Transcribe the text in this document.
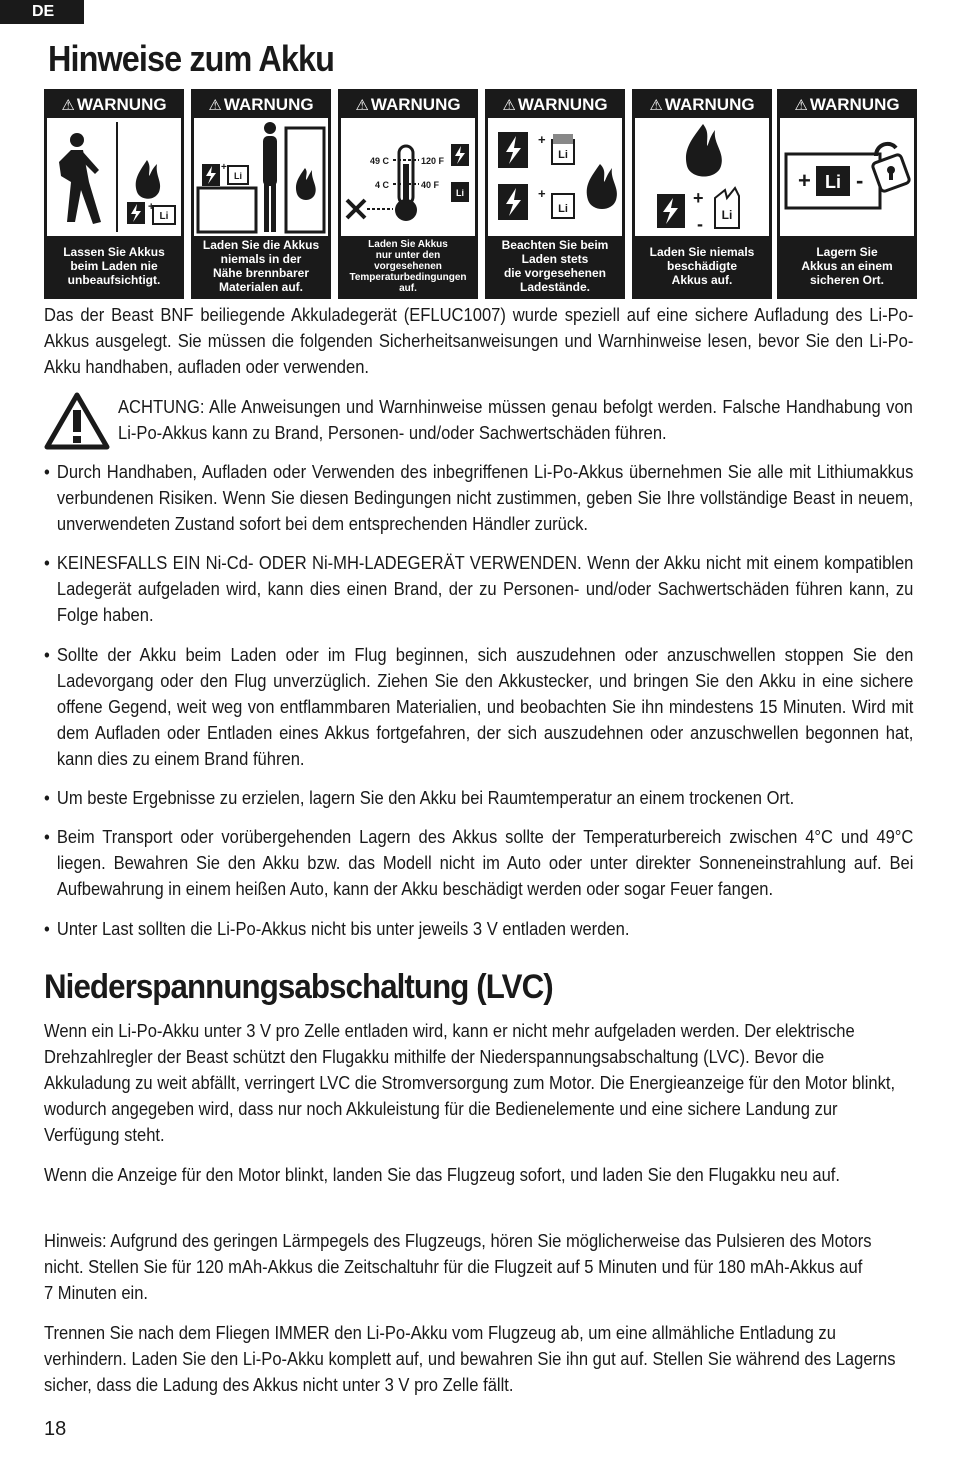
DE
Hinweise zum Akku
⚠ WARNUNG
Li
+
Lassen Sie Akkus
beim Laden nie
unbeaufsichtigt.
⚠ WARNUNG
Li
+
Laden Sie die Akkus
niemals in der
Nähe brennbarer
Materialen auf.
⚠ WARNUNG
49 C	120 F
4 C	40 F
Li
Laden Sie Akkus
nur unter den
vorgesehenen
Temperaturbedingungen
auf.
⚠ WARNUNG
Li
+
Li
+
Beachten Sie beim
Laden stets
die vorgesehenen
Ladestände.
⚠ WARNUNG
+
- Li
Laden Sie niemals
beschädigte
Akkus auf.
⚠ WARNUNG
+ Li -
Lagern Sie
Akkus an einem
sicheren Ort.

Das der Beast BNF beiliegende Akkuladegerät (EFLUC1007) wurde speziell auf eine sichere Aufladung des Li-Po-Akkus ausgelegt. Sie müssen die folgenden Sicherheitsanweisungen und Warnhinweise lesen, bevor Sie den Li-Po-Akku handhaben, aufladen oder verwenden.

ACHTUNG: Alle Anweisungen und Warnhinweise müssen genau befolgt werden. Falsche Handhabung von Li-Po-Akkus kann zu Brand, Personen- und/oder Sachwertschäden führen.

• Durch Handhaben, Aufladen oder Verwenden des inbegriffenen Li-Po-Akkus übernehmen Sie alle mit Lithiumakkus verbundenen Risiken. Wenn Sie diesen Bedingungen nicht zustimmen, geben Sie Ihre vollständige Beast in neuem, unverwendeten Zustand sofort bei dem entsprechenden Händler zurück.
• KEINESFALLS EIN Ni-Cd- ODER Ni-MH-LADEGERÄT VERWENDEN. Wenn der Akku nicht mit einem kompatiblen Ladegerät aufgeladen wird, kann dies einen Brand, der zu Personen- und/oder Sachwertschäden führen kann, zu Folge haben.
• Sollte der Akku beim Laden oder im Flug beginnen, sich auszudehnen oder anzuschwellen stoppen Sie den Ladevorgang oder den Flug unverzüglich. Ziehen Sie den Akkustecker, und bringen Sie den Akku in eine sichere offene Gegend, weit weg von entflammbaren Materialien, und beobachten Sie ihn mindestens 15 Minuten. Wird mit dem Aufladen oder Entladen eines Akkus fortgefahren, der sich auszudehnen oder anzuschwellen begonnen hat, kann dies zu einem Brand führen.
• Um beste Ergebnisse zu erzielen, lagern Sie den Akku bei Raumtemperatur an einem trockenen Ort.
• Beim Transport oder vorübergehenden Lagern des Akkus sollte der Temperaturbereich zwischen 4°C und 49°C liegen. Bewahren Sie den Akku bzw. das Modell nicht im Auto oder unter direkter Sonneneinstrahlung auf. Bei Aufbewahrung in einem heißen Auto, kann der Akku beschädigt werden oder sogar Feuer fangen.
• Unter Last sollten die Li-Po-Akkus nicht bis unter jeweils 3 V entladen werden.
Niederspannungsabschaltung (LVC)

Wenn ein Li-Po-Akku unter 3 V pro Zelle entladen wird, kann er nicht mehr aufgeladen werden. Der elektrische Drehzahlregler der Beast schützt den Flugakku mithilfe der Niederspannungsabschaltung (LVC). Bevor die Akkuladung zu weit abfällt, verringert LVC die Stromversorgung zum Motor. Die Energieanzeige für den Motor blinkt, wodurch angegeben wird, dass nur noch Akkuleistung für die Bedienelemente und eine sichere Landung zur Verfügung steht.

Wenn die Anzeige für den Motor blinkt, landen Sie das Flugzeug sofort, und laden Sie den Flugakku neu auf.

Hinweis: Aufgrund des geringen Lärmpegels des Flugzeugs, hören Sie möglicherweise das Pulsieren des Motors nicht. Stellen Sie für 120 mAh-Akkus die Zeitschaltuhr für die Flugzeit auf 5 Minuten und für 180 mAh-Akkus auf 7 Minuten ein.

Trennen Sie nach dem Fliegen IMMER den Li-Po-Akku vom Flugzeug ab, um eine allmähliche Entladung zu verhindern. Laden Sie den Li-Po-Akku komplett auf, und bewahren Sie ihn gut auf. Stellen Sie während des Lagerns sicher, dass die Ladung des Akkus nicht unter 3 V pro Zelle fällt.

18
